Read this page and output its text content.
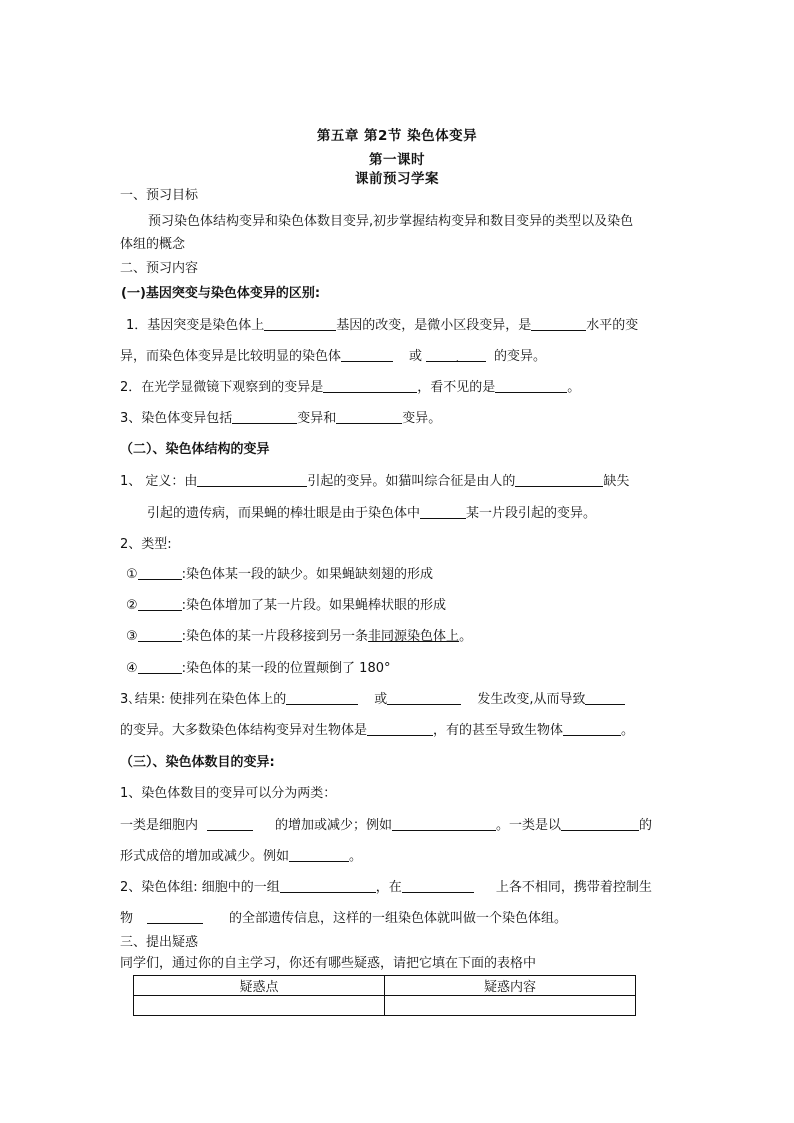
第五章 第2节 染色体变异
第一课时
课前预习学案
一、预习目标
预习染色体结构变异和染色体数目变异,初步掌握结构变异和数目变异的类型以及染色
体组的概念
二、预习内容
(一)基因突变与染色体变异的区别:
1．基因突变是染色体上	基因的改变，是微小区段变异，是	水平的变
异，而染色体变异是比较明显的染色体	或	.	的变异。
2．在光学显微镜下观察到的变异是	，看不见的是	。
3、染色体变异包括	变异和	变异。
（二）、染色体结构的变异
1、 定义：由	引起的变异。如猫叫综合征是由人的	缺失
引起的遗传病，而果蝇的棒壮眼是由于染色体中	某一片段引起的变异。
2、类型:
①	:染色体某一段的缺少。如果蝇缺刻翅的形成
②	:染色体增加了某一片段。如果蝇棒状眼的形成
③	:染色体的某一片段移接到另一条非同源染色体上。
④	:染色体的某一段的位置颠倒了 180°
3､结果: 使排列在染色体上的	或	发生改变,从而导致
的变异。大多数染色体结构变异对生物体是	，有的甚至导致生物体	。
（三）、染色体数目的变异:
1、染色体数目的变异可以分为两类：
一类是细胞内	的增加或减少；例如	。一类是以	的
形式成倍的增加或减少。例如	。
2、染色体组: 细胞中的一组	，在	上各不相同，携带着控制生
物	的全部遗传信息，这样的一组染色体就叫做一个染色体组。
三、提出疑惑
同学们，通过你的自主学习，你还有哪些疑惑，请把它填在下面的表格中
疑惑点	疑惑内容
